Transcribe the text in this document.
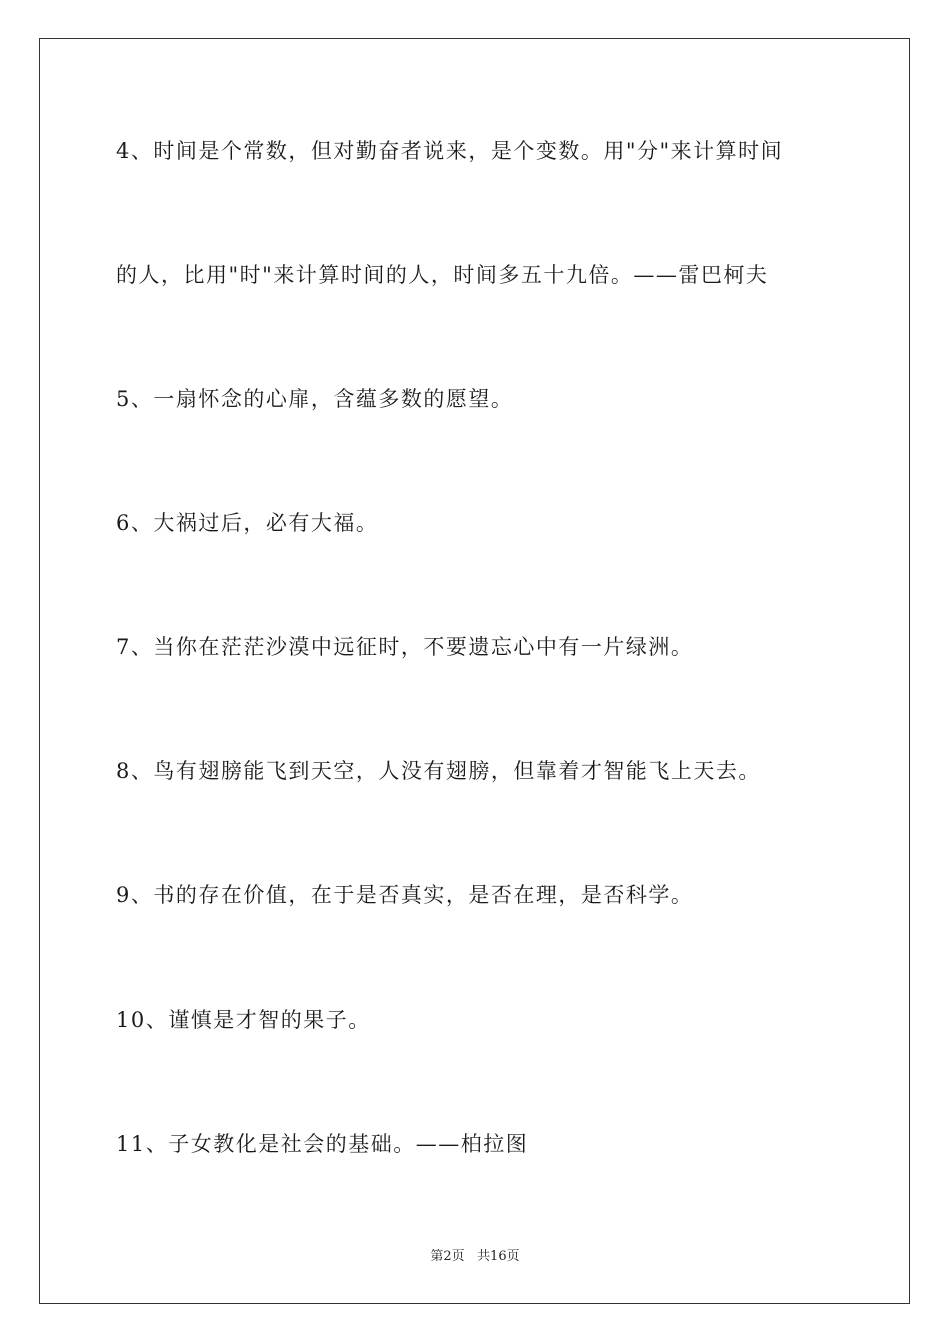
4、时间是个常数，但对勤奋者说来，是个变数。用"分"来计算时间
的人，比用"时"来计算时间的人，时间多五十九倍。——雷巴柯夫
5、一扇怀念的心扉，含蕴多数的愿望。
6、大祸过后，必有大福。
7、当你在茫茫沙漠中远征时，不要遗忘心中有一片绿洲。
8、鸟有翅膀能飞到天空，人没有翅膀，但靠着才智能飞上天去。
9、书的存在价值，在于是否真实，是否在理，是否科学。
10、谨慎是才智的果子。
11、子女教化是社会的基础。——柏拉图
第2页   共16页
